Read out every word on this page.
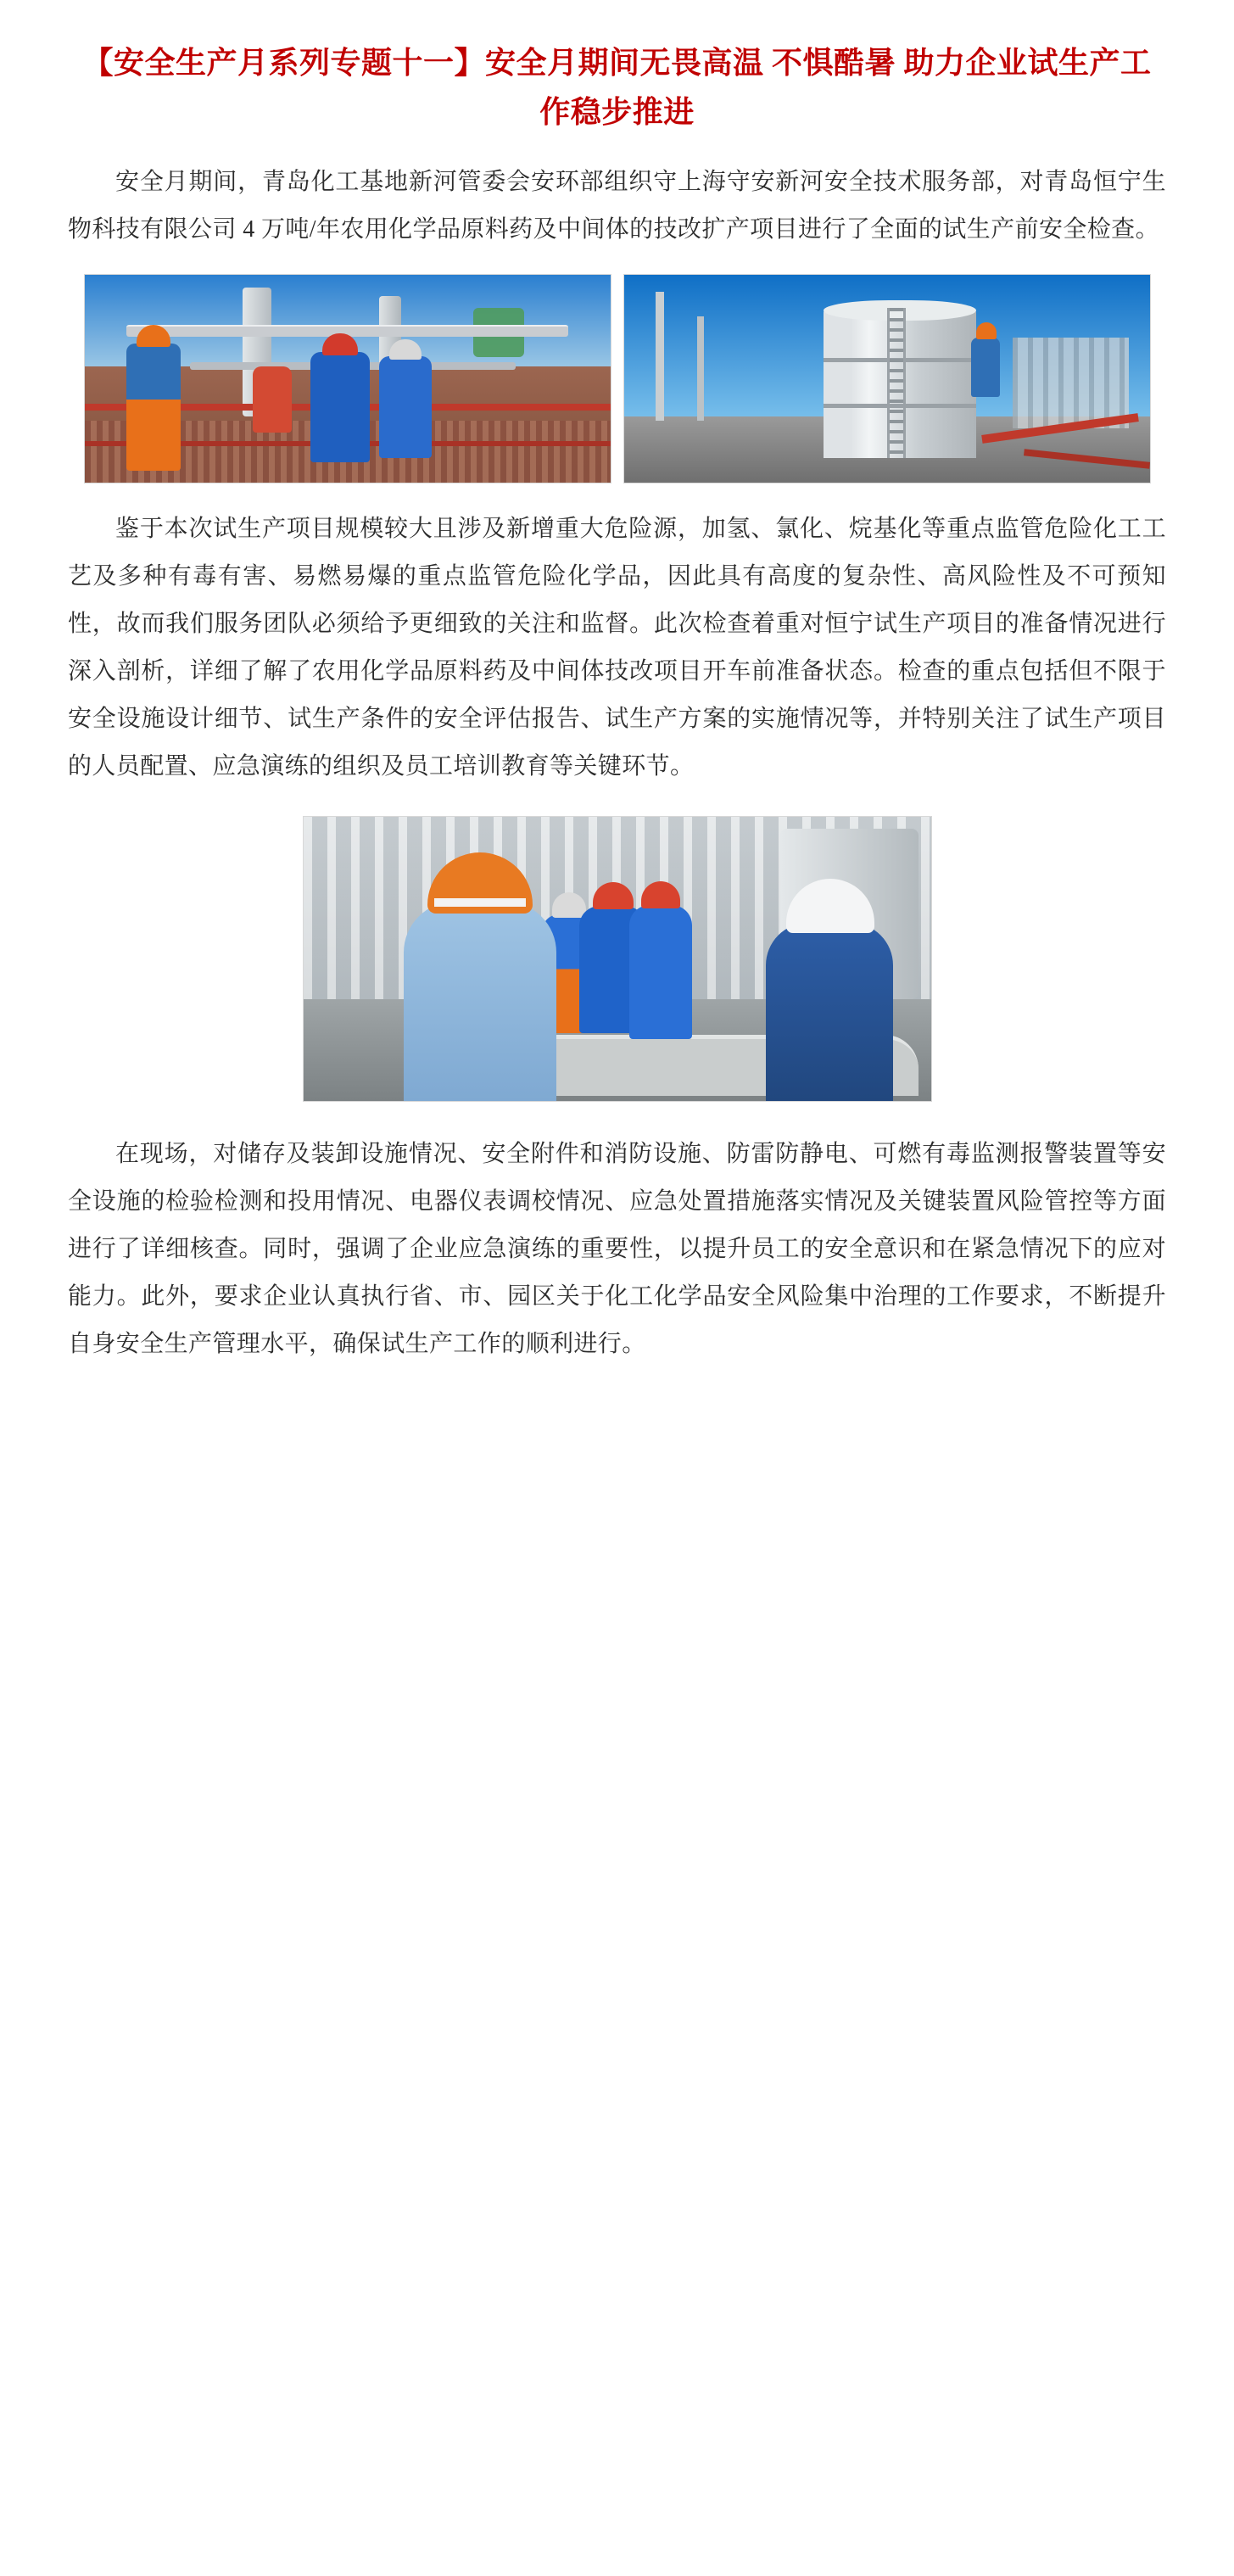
【安全生产月系列专题十一】安全月期间无畏高温 不惧酷暑 助力企业试生产工作稳步推进

安全月期间，青岛化工基地新河管委会安环部组织守上海守安新河安全技术服务部，对青岛恒宁生物科技有限公司 4 万吨/年农用化学品原料药及中间体的技改扩产项目进行了全面的试生产前安全检查。

鉴于本次试生产项目规模较大且涉及新增重大危险源，加氢、氯化、烷基化等重点监管危险化工工艺及多种有毒有害、易燃易爆的重点监管危险化学品，因此具有高度的复杂性、高风险性及不可预知性，故而我们服务团队必须给予更细致的关注和监督。此次检查着重对恒宁试生产项目的准备情况进行深入剖析，详细了解了农用化学品原料药及中间体技改项目开车前准备状态。检查的重点包括但不限于安全设施设计细节、试生产条件的安全评估报告、试生产方案的实施情况等，并特别关注了试生产项目的人员配置、应急演练的组织及员工培训教育等关键环节。

在现场，对储存及装卸设施情况、安全附件和消防设施、防雷防静电、可燃有毒监测报警装置等安全设施的检验检测和投用情况、电器仪表调校情况、应急处置措施落实情况及关键装置风险管控等方面进行了详细核查。同时，强调了企业应急演练的重要性，以提升员工的安全意识和在紧急情况下的应对能力。此外，要求企业认真执行省、市、园区关于化工化学品安全风险集中治理的工作要求，不断提升自身安全生产管理水平，确保试生产工作的顺利进行。
